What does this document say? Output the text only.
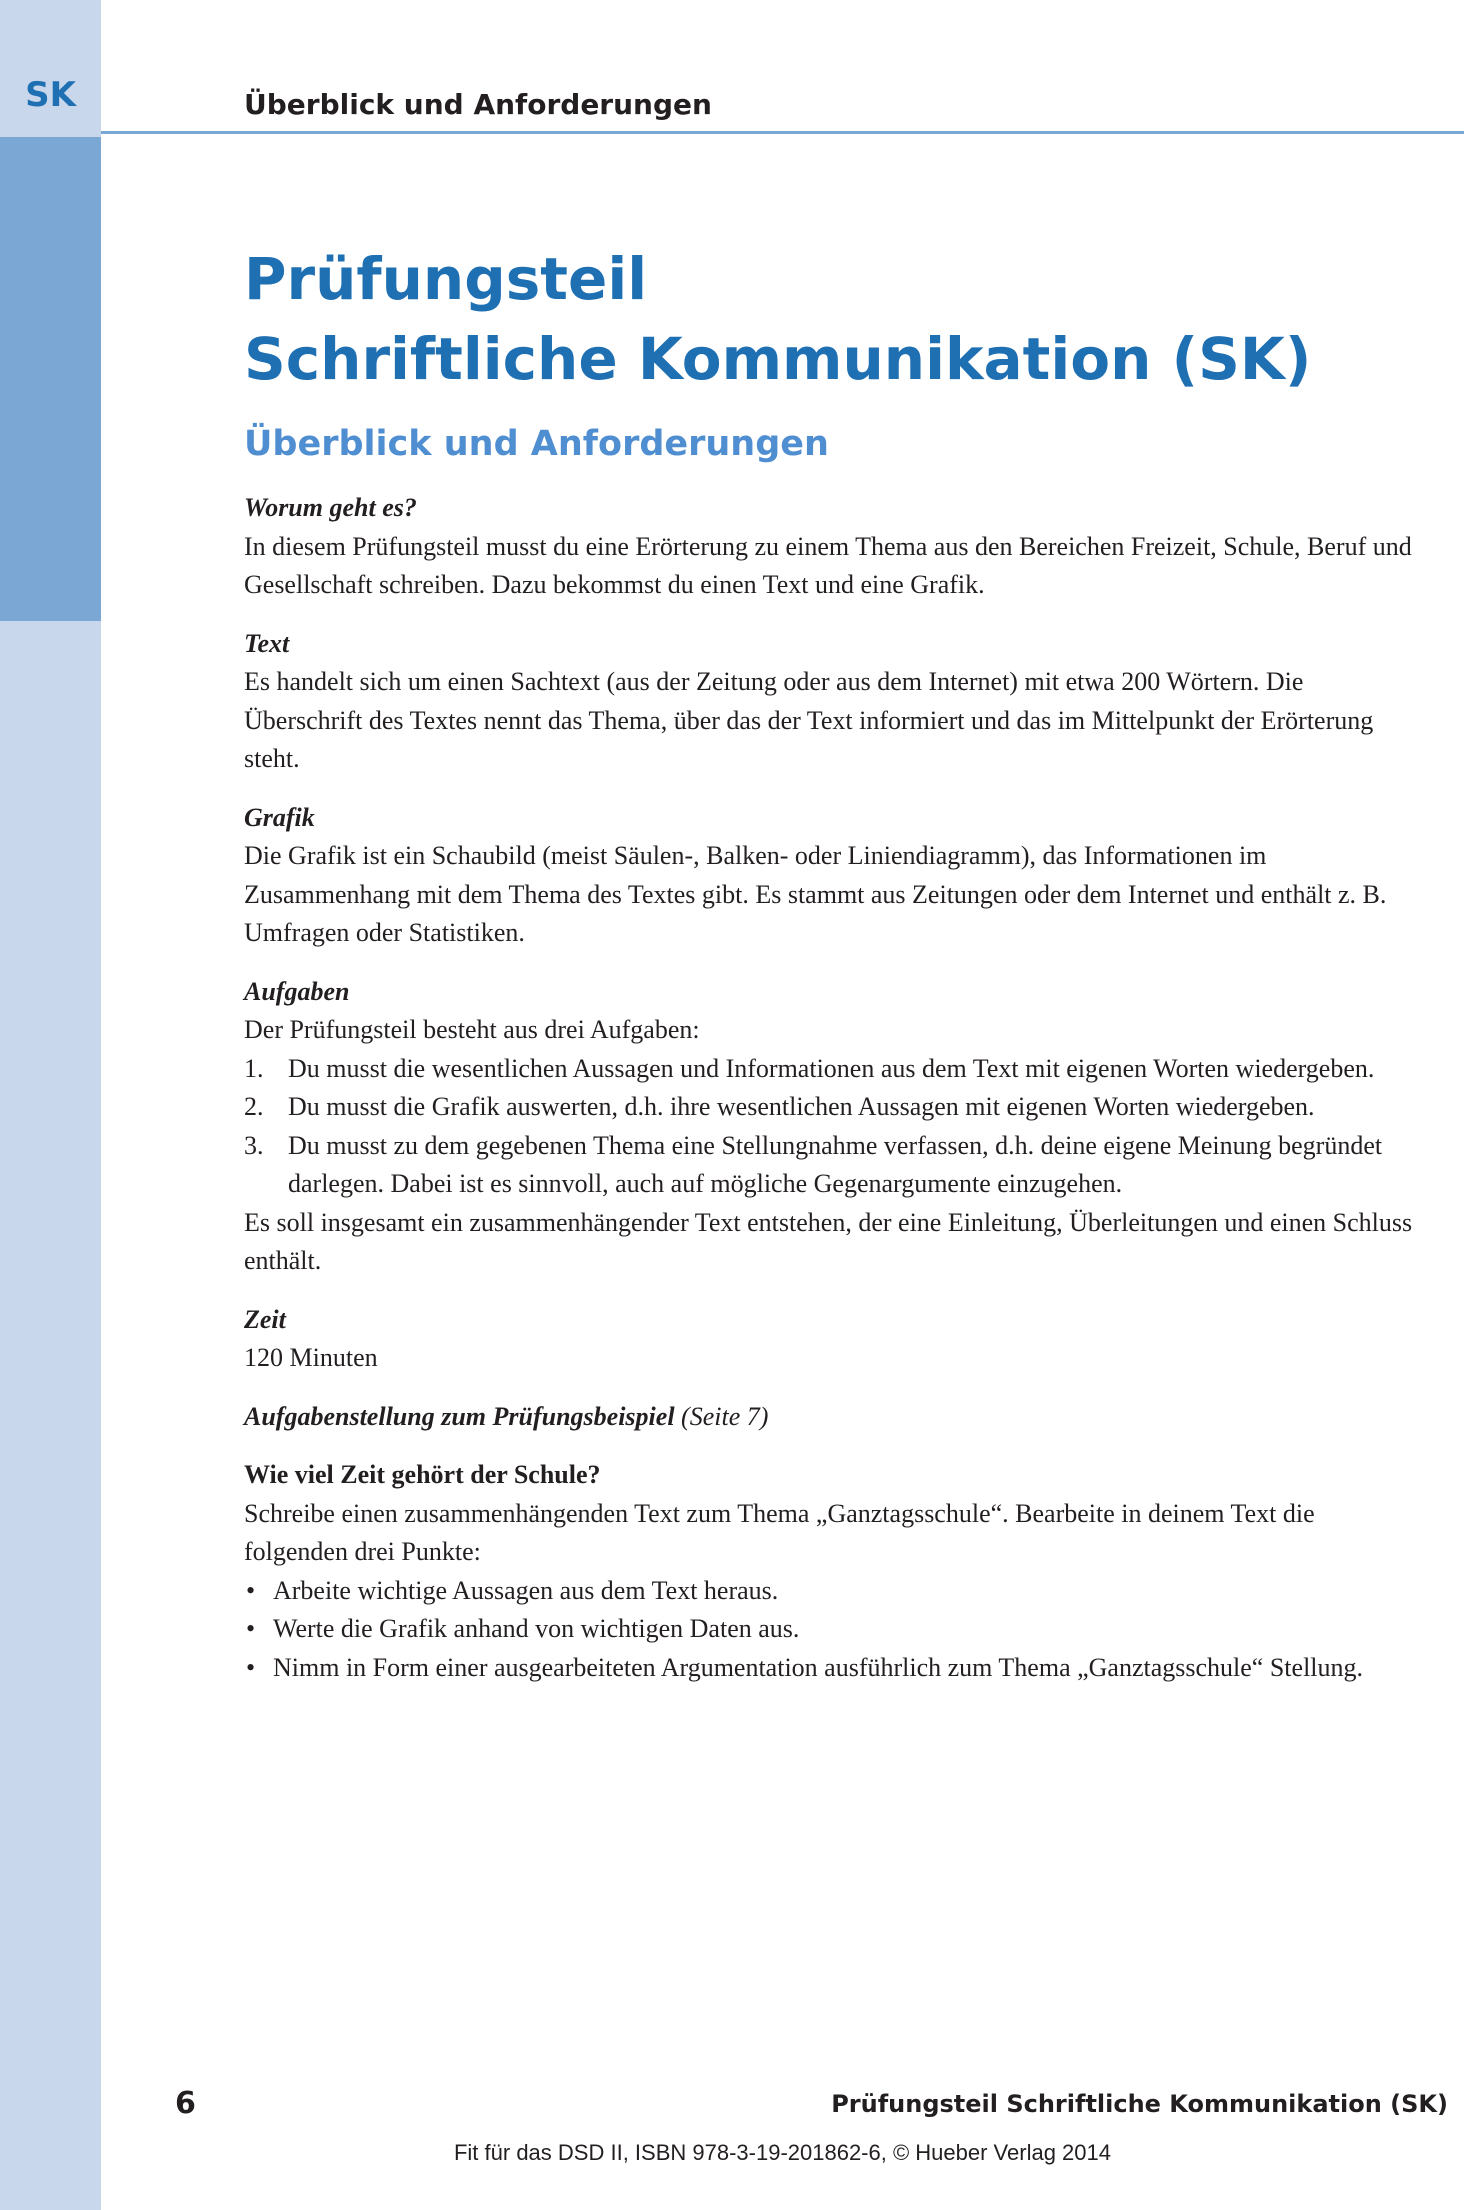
SK	Überblick und Anforderungen
Prüfungsteil
Schriftliche Kommunikation (SK)
Überblick und Anforderungen
Worum geht es?

In diesem Prüfungsteil musst du eine Erörterung zu einem Thema aus den Bereichen Freizeit, Schule, Beruf und Gesellschaft schreiben. Dazu bekommst du einen Text und eine Grafik.

Text

Es handelt sich um einen Sachtext (aus der Zeitung oder aus dem Internet) mit etwa 200 Wörtern. Die Überschrift des Textes nennt das Thema, über das der Text informiert und das im Mittelpunkt der Erörterung steht.

Grafik

Die Grafik ist ein Schaubild (meist Säulen-, Balken- oder Liniendiagramm), das Informationen im Zusammenhang mit dem Thema des Textes gibt. Es stammt aus Zeitungen oder dem Internet und enthält z. B. Umfragen oder Statistiken.

Aufgaben

Der Prüfungsteil besteht aus drei Aufgaben:

1. Du musst die wesentlichen Aussagen und Informationen aus dem Text mit eigenen Worten wiedergeben.
2. Du musst die Grafik auswerten, d.h. ihre wesentlichen Aussagen mit eigenen Worten wiedergeben.
3. Du musst zu dem gegebenen Thema eine Stellungnahme verfassen, d.h. deine eigene Meinung begründet darlegen. Dabei ist es sinnvoll, auch auf mögliche Gegenargumente einzugehen.

Es soll insgesamt ein zusammenhängender Text entstehen, der eine Einleitung, Überleitungen und einen Schluss enthält.

Zeit

120 Minuten

Aufgabenstellung zum Prüfungsbeispiel (Seite 7)
Wie viel Zeit gehört der Schule?

Schreibe einen zusammenhängenden Text zum Thema „Ganztagsschule“. Bearbeite in deinem Text die folgenden drei Punkte:

• Arbeite wichtige Aussagen aus dem Text heraus.
• Werte die Grafik anhand von wichtigen Daten aus.
• Nimm in Form einer ausgearbeiteten Argumentation ausführlich zum Thema „Ganztagsschule“ Stellung.
6	Prüfungsteil Schriftliche Kommunikation (SK)
Fit für das DSD II, ISBN 978-3-19-201862-6, © Hueber Verlag 2014
